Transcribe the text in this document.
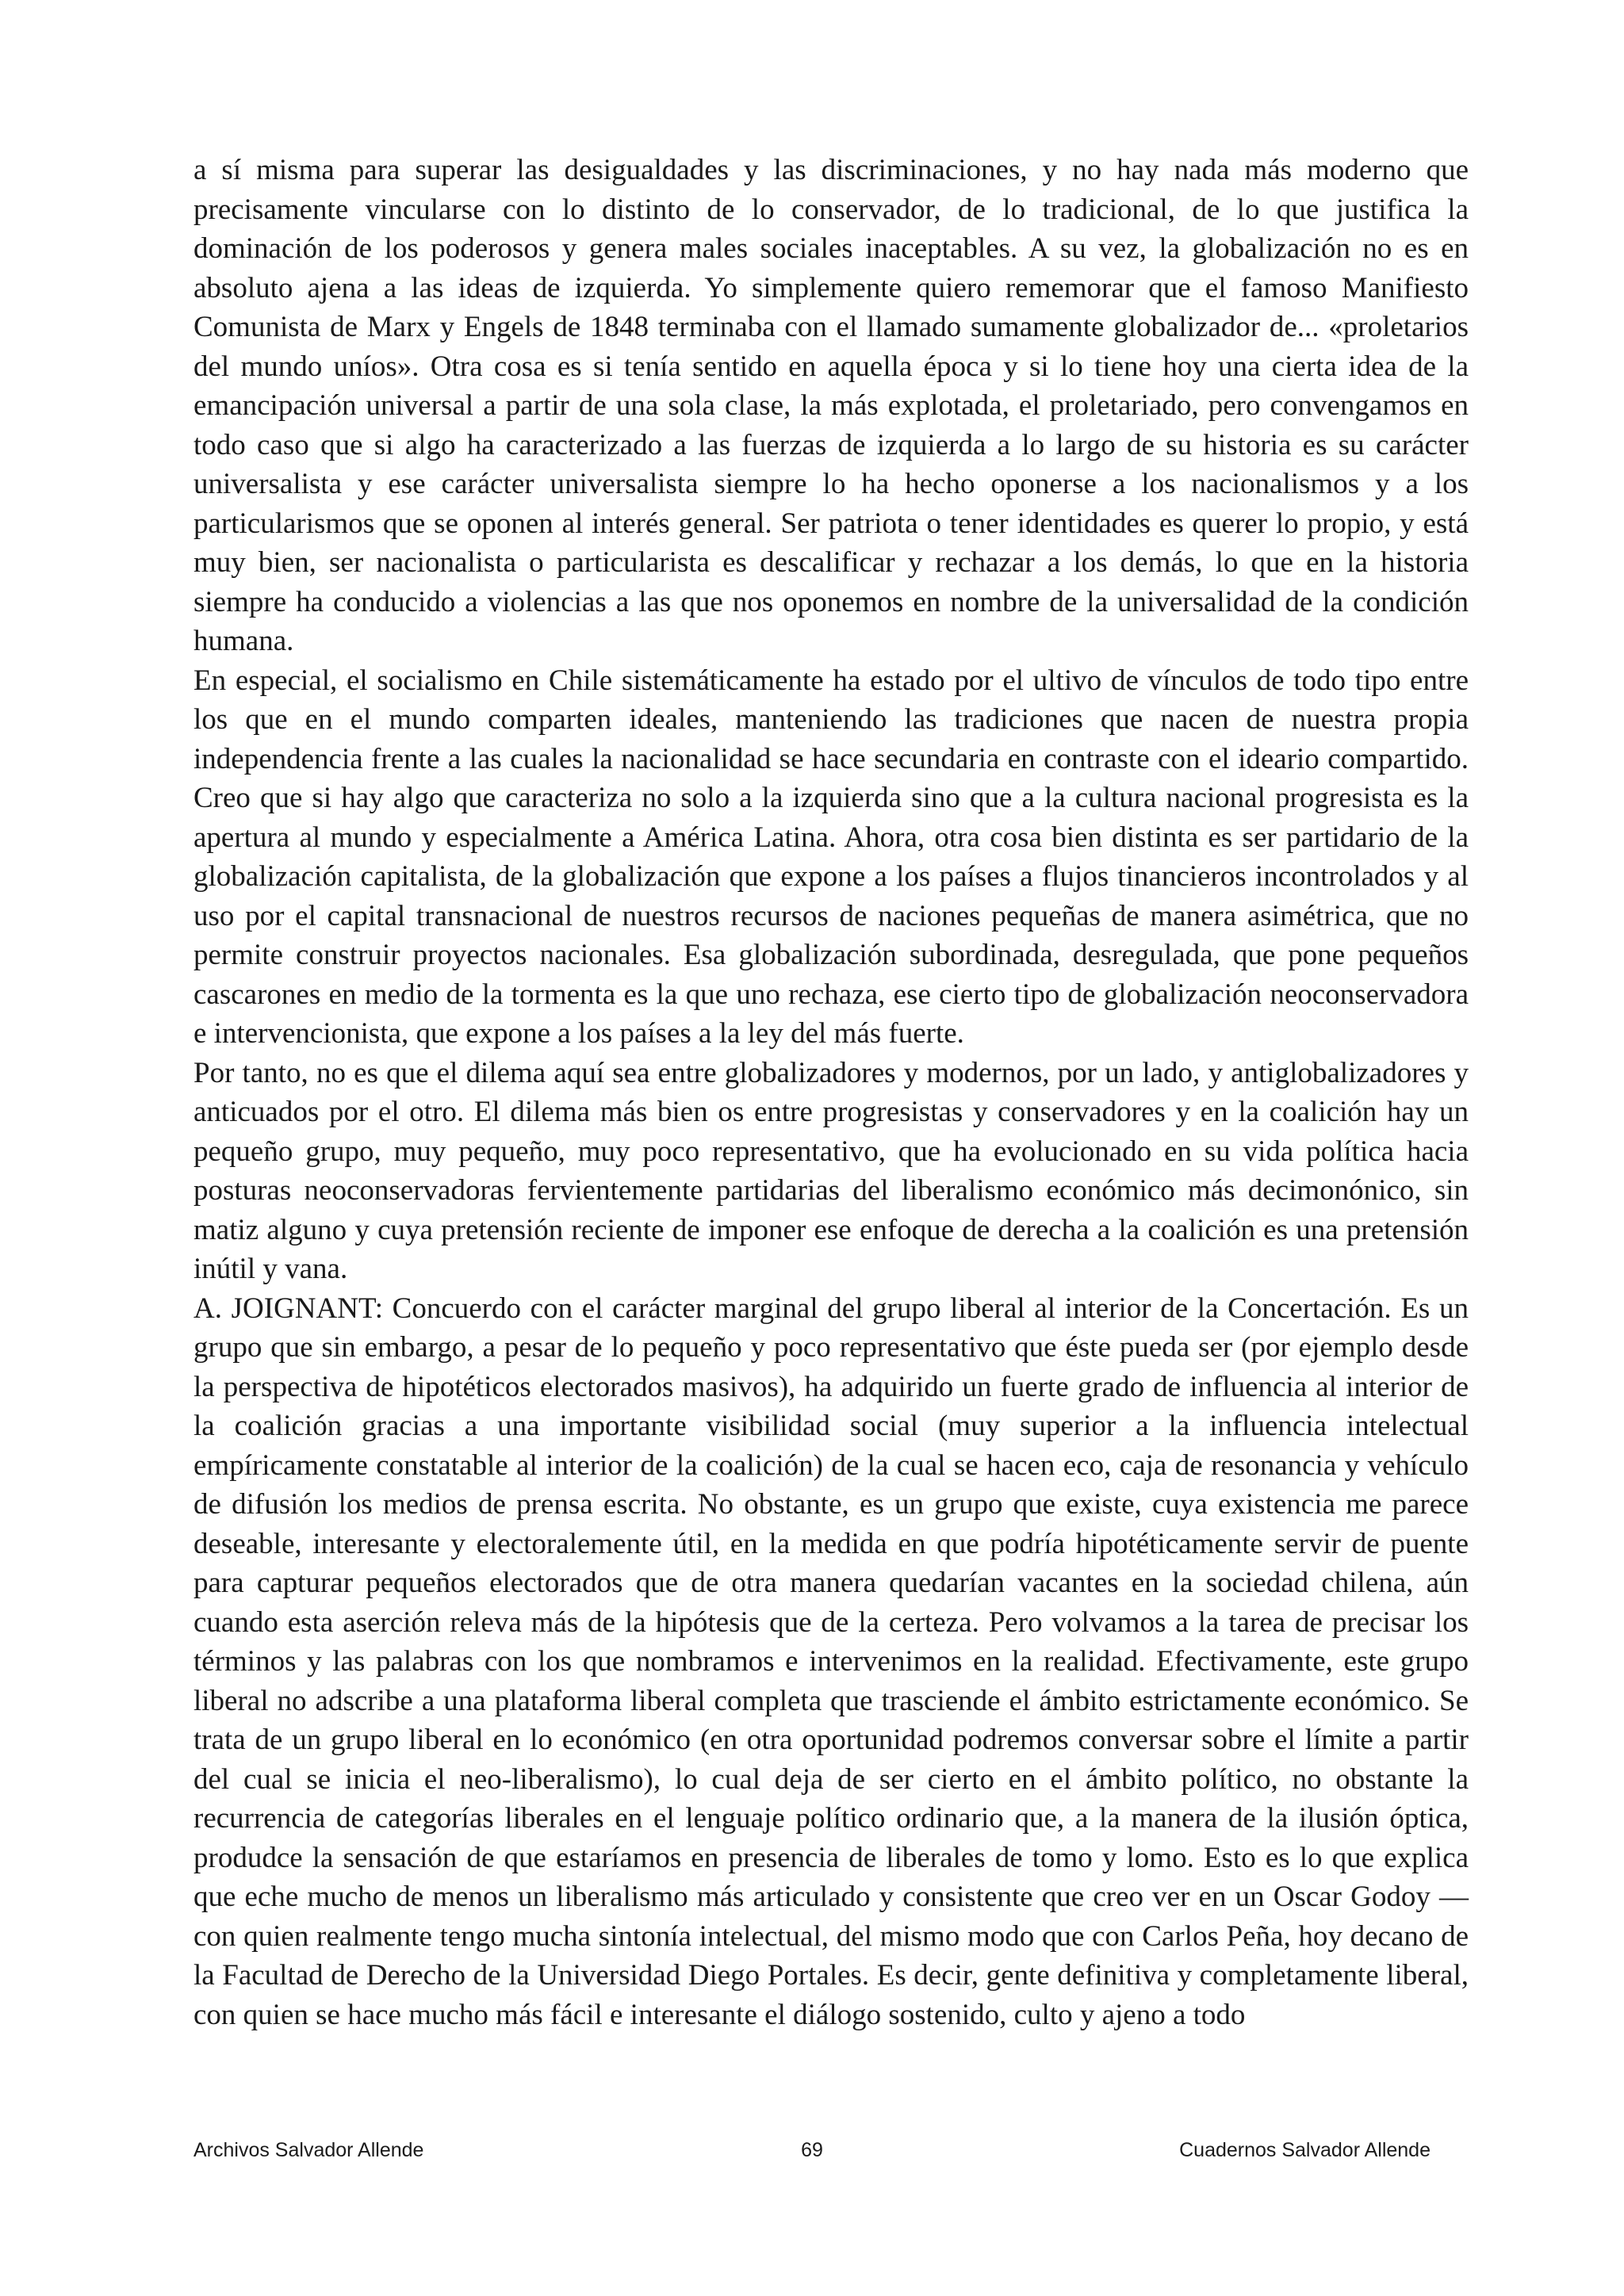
a sí misma para superar las desigualdades y las discriminaciones, y no hay nada más moderno que precisamente vincularse con lo distinto de lo conservador, de lo tradicional, de lo que justifica la dominación de los poderosos y genera males sociales inaceptables. A su vez, la globalización no es en absoluto ajena a las ideas de izquierda. Yo simplemente quiero rememorar que el famoso Manifiesto Comunista de Marx y Engels de 1848 terminaba con el llamado sumamente globalizador de... «proletarios del mundo uníos». Otra cosa es si tenía sentido en aquella época y si lo tiene hoy una cierta idea de la emancipación universal a partir de una sola clase, la más explotada, el proletariado, pero convengamos en todo caso que si algo ha caracterizado a las fuerzas de izquierda a lo largo de su historia es su carácter universalista y ese carácter universalista siempre lo ha hecho oponerse a los nacionalismos y a los particularismos que se oponen al interés general. Ser patriota o tener identidades es querer lo propio, y está muy bien, ser nacionalista o particularista es descalificar y rechazar a los demás, lo que en la historia siempre ha conducido a violencias a las que nos oponemos en nombre de la universalidad de la condición humana.

En especial, el socialismo en Chile sistemáticamente ha estado por el ultivo de vínculos de todo tipo entre los que en el mundo comparten ideales, manteniendo las tradiciones que nacen de nuestra propia independencia frente a las cuales la nacionalidad se hace secundaria en contraste con el ideario compartido. Creo que si hay algo que caracteriza no solo a la izquierda sino que a la cultura nacional progresista es la apertura al mundo y especialmente a América Latina. Ahora, otra cosa bien distinta es ser partidario de la globalización capitalista, de la globalización que expone a los países a flujos tinancieros incontrolados y al uso por el capital transnacional de nuestros recursos de naciones pequeñas de manera asimétrica, que no permite construir proyectos nacionales. Esa globalización subordinada, desregulada, que pone pequeños cascarones en medio de la tormenta es la que uno rechaza, ese cierto tipo de globalización neoconservadora e intervencionista, que expone a los países a la ley del más fuerte.

Por tanto, no es que el dilema aquí sea entre globalizadores y modernos, por un lado, y antiglobalizadores y anticuados por el otro. El dilema más bien os entre progresistas y conservadores y en la coalición hay un pequeño grupo, muy pequeño, muy poco representativo, que ha evolucionado en su vida política hacia posturas neoconservadoras fervientemente partidarias del liberalismo económico más decimonónico, sin matiz alguno y cuya pretensión reciente de imponer ese enfoque de derecha a la coalición es una pretensión inútil y vana.

A. JOIGNANT: Concuerdo con el carácter marginal del grupo liberal al interior de la Concertación. Es un grupo que sin embargo, a pesar de lo pequeño y poco representativo que éste pueda ser (por ejemplo desde la perspectiva de hipotéticos electorados masivos), ha adquirido un fuerte grado de influencia al interior de la coalición gracias a una importante visibilidad social (muy superior a la influencia intelectual empíricamente constatable al interior de la coalición) de la cual se hacen eco, caja de resonancia y vehículo de difusión los medios de prensa escrita. No obstante, es un grupo que existe, cuya existencia me parece deseable, interesante y electoralemente útil, en la medida en que podría hipotéticamente servir de puente para capturar pequeños electorados que de otra manera quedarían vacantes en la sociedad chilena, aún cuando esta aserción releva más de la hipótesis que de la certeza. Pero volvamos a la tarea de precisar los términos y las palabras con los que nombramos e intervenimos en la realidad. Efectivamente, este grupo liberal no adscribe a una plataforma liberal completa que trasciende el ámbito estrictamente económico. Se trata de un grupo liberal en lo económico (en otra oportunidad podremos conversar sobre el límite a partir del cual se inicia el neo-liberalismo), lo cual deja de ser cierto en el ámbito político, no obstante la recurrencia de categorías liberales en el lenguaje político ordinario que, a la manera de la ilusión óptica, produdce la sensación de que estaríamos en presencia de liberales de tomo y lomo. Esto es lo que explica que eche mucho de menos un liberalismo más articulado y consistente que creo ver en un Oscar Godoy —con quien realmente tengo mucha sintonía intelectual, del mismo modo que con Carlos Peña, hoy decano de la Facultad de Derecho de la Universidad Diego Portales. Es decir, gente definitiva y completamente liberal, con quien se hace mucho más fácil e interesante el diálogo sostenido, culto y ajeno a todo

69
Archivos Salvador Allende	Cuadernos Salvador Allende
